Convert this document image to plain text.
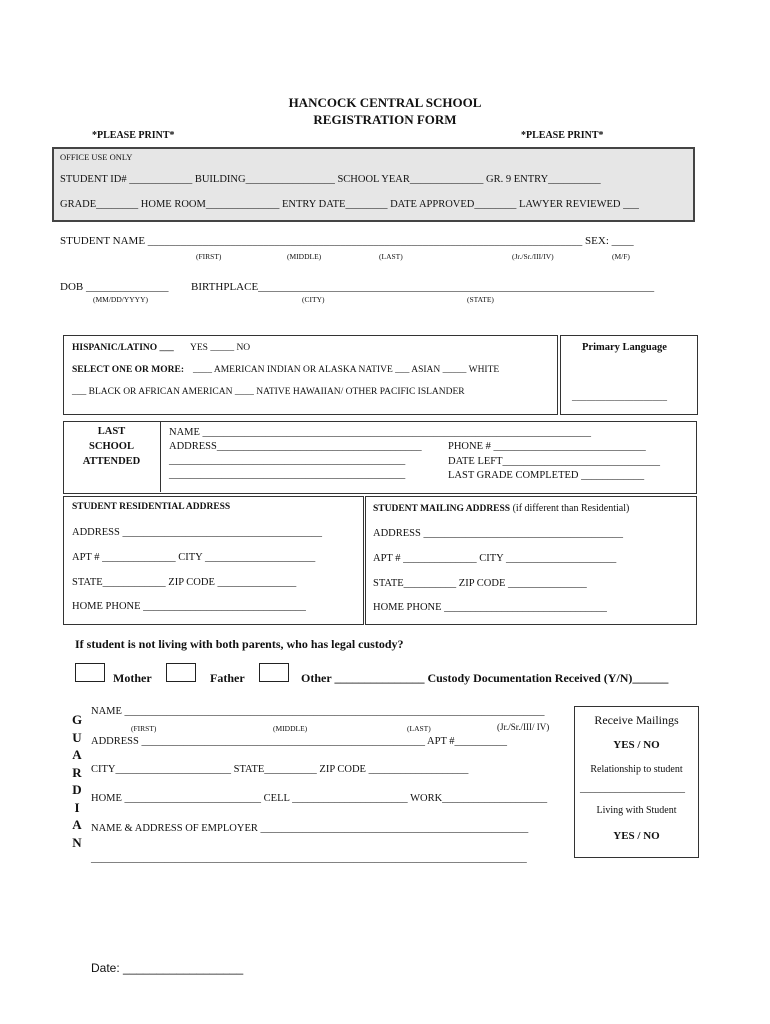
HANCOCK CENTRAL SCHOOL
REGISTRATION FORM
*PLEASE PRINT*	*PLEASE PRINT*
OFFICE USE ONLY
STUDENT ID# ____________ BUILDING_________________ SCHOOL YEAR______________ GR. 9 ENTRY__________
GRADE________ HOME ROOM______________ ENTRY DATE________ DATE APPROVED________ LAWYER REVIEWED ___
STUDENT NAME _______________________________________________________________________________ SEX: ____
(FIRST)	(MIDDLE)	(LAST)	(Jr./Sr./III/IV)	(M/F)
DOB _______________ BIRTHPLACE________________________________________________________________________
(MM/DD/YYYY)	(CITY)	(STATE)
HISPANIC/LATINO ___ YES _____ NO
SELECT ONE OR MORE: ____ AMERICAN INDIAN OR ALASKA NATIVE ___ ASIAN _____ WHITE
___ BLACK OR AFRICAN AMERICAN ____ NATIVE HAWAIIAN/ OTHER PACIFIC ISLANDER
Primary Language
____________________
LAST
SCHOOL
ATTENDED
NAME __________________________________________________________________________
ADDRESS_______________________________________
_____________________________________________
_____________________________________________
PHONE # _____________________________
DATE LEFT______________________________
LAST GRADE COMPLETED ____________
STUDENT RESIDENTIAL ADDRESS
ADDRESS ______________________________________
APT # ______________ CITY _____________________
STATE____________ ZIP CODE _______________
HOME PHONE _______________________________
STUDENT MAILING ADDRESS (if different than Residential)
ADDRESS ______________________________________
APT # ______________ CITY _____________________
STATE__________ ZIP CODE _______________
HOME PHONE _______________________________
If student is not living with both parents, who has legal custody?
Mother	Father	Other _______________ Custody Documentation Received (Y/N)______
G
U
A
R
D
I
A
N
NAME ________________________________________________________________________________
(FIRST)	(MIDDLE)	(LAST)	(Jr./Sr./III/ IV)
ADDRESS ______________________________________________________ APT #__________
CITY______________________ STATE__________ ZIP CODE ___________________
HOME __________________________ CELL ______________________ WORK____________________
NAME & ADDRESS OF EMPLOYER ___________________________________________________
___________________________________________________________________________________
Receive Mailings
YES / NO
Relationship to student
_____________________
Living with Student
YES / NO
Date: __________________
